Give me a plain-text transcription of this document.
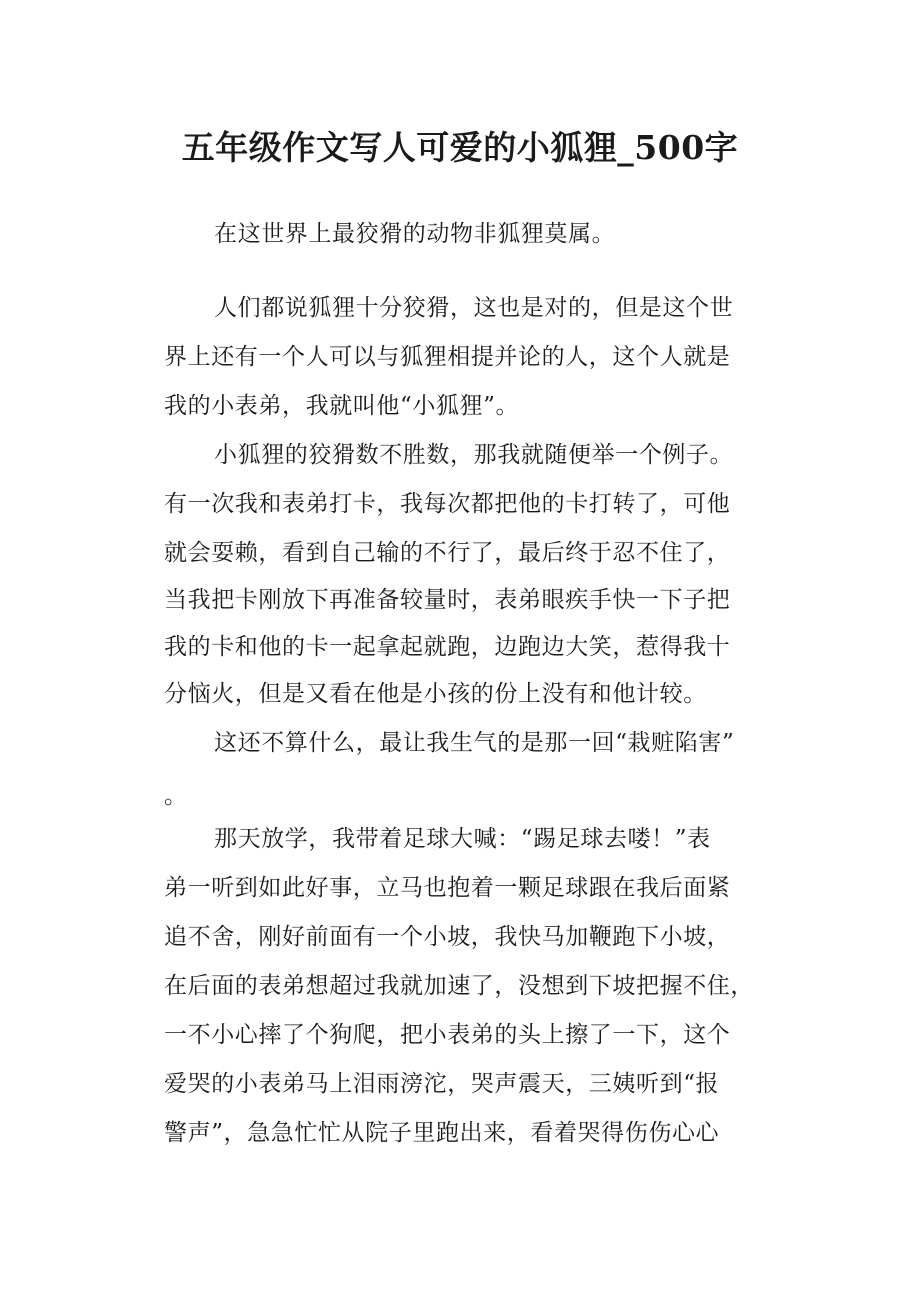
五年级作文写人可爱的小狐狸_500字
在这世界上最狡猾的动物非狐狸莫属。
人们都说狐狸十分狡猾，这也是对的，但是这个世
界上还有一个人可以与狐狸相提并论的人，这个人就是
我的小表弟，我就叫他“小狐狸”。
小狐狸的狡猾数不胜数，那我就随便举一个例子。
有一次我和表弟打卡，我每次都把他的卡打转了，可他
就会耍赖，看到自己输的不行了，最后终于忍不住了，
当我把卡刚放下再准备较量时，表弟眼疾手快一下子把
我的卡和他的卡一起拿起就跑，边跑边大笑，惹得我十
分恼火，但是又看在他是小孩的份上没有和他计较。
这还不算什么，最让我生气的是那一回“栽赃陷害”
。
那天放学，我带着足球大喊：“踢足球去喽！”表
弟一听到如此好事，立马也抱着一颗足球跟在我后面紧
追不舍，刚好前面有一个小坡，我快马加鞭跑下小坡，
在后面的表弟想超过我就加速了，没想到下坡把握不住，
一不小心摔了个狗爬，把小表弟的头上擦了一下，这个
爱哭的小表弟马上泪雨滂沱，哭声震天，三姨听到“报
警声”，急急忙忙从院子里跑出来，看着哭得伤伤心心
